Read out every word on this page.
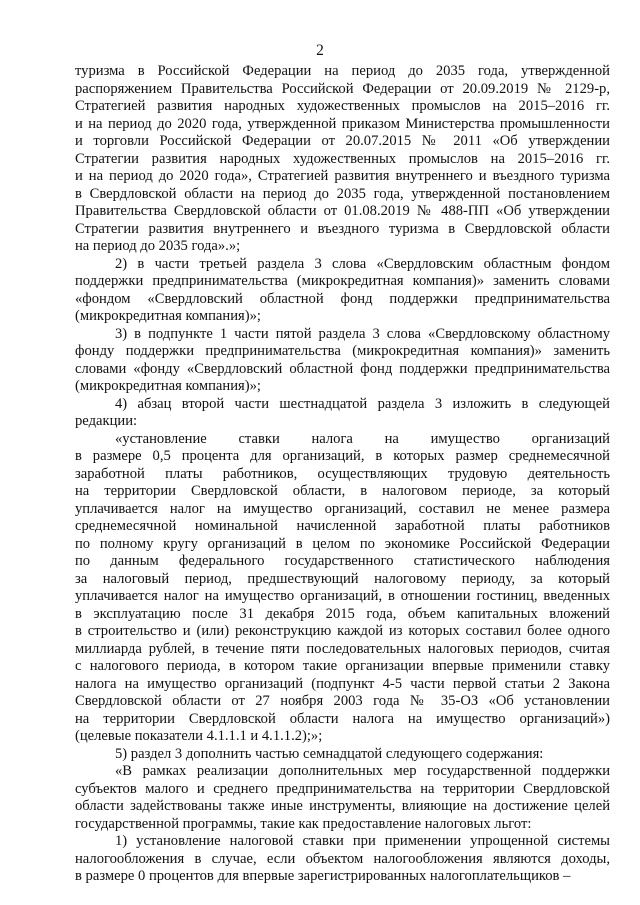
2
туризма в Российской Федерации на период до 2035 года, утвержденной
распоряжением Правительства Российской Федерации от 20.09.2019 № 2129-р,
Стратегией развития народных художественных промыслов на 2015–2016 гг.
и на период до 2020 года, утвержденной приказом Министерства промышленности
и торговли Российской Федерации от 20.07.2015 № 2011 «Об утверждении
Стратегии развития народных художественных промыслов на 2015–2016 гг.
и на период до 2020 года», Стратегией развития внутреннего и въездного туризма
в Свердловской области на период до 2035 года, утвержденной постановлением
Правительства Свердловской области от 01.08.2019 № 488-ПП «Об утверждении
Стратегии развития внутреннего и въездного туризма в Свердловской области
на период до 2035 года».»;
2) в части третьей раздела 3 слова «Свердловским областным фондом
поддержки предпринимательства (микрокредитная компания)» заменить словами
«фондом «Свердловский областной фонд поддержки предпринимательства
(микрокредитная компания)»;
3) в подпункте 1 части пятой раздела 3 слова «Свердловскому областному
фонду поддержки предпринимательства (микрокредитная компания)» заменить
словами «фонду «Свердловский областной фонд поддержки предпринимательства
(микрокредитная компания)»;
4) абзац второй части шестнадцатой раздела 3 изложить в следующей
редакции:
«установление ставки налога на имущество организаций
в размере 0,5 процента для организаций, в которых размер среднемесячной
заработной платы работников, осуществляющих трудовую деятельность
на территории Свердловской области, в налоговом периоде, за который
уплачивается налог на имущество организаций, составил не менее размера
среднемесячной номинальной начисленной заработной платы работников
по полному кругу организаций в целом по экономике Российской Федерации
по данным федерального государственного статистического наблюдения
за налоговый период, предшествующий налоговому периоду, за который
уплачивается налог на имущество организаций, в отношении гостиниц, введенных
в эксплуатацию после 31 декабря 2015 года, объем капитальных вложений
в строительство и (или) реконструкцию каждой из которых составил более одного
миллиарда рублей, в течение пяти последовательных налоговых периодов, считая
с налогового периода, в котором такие организации впервые применили ставку
налога на имущество организаций (подпункт 4-5 части первой статьи 2 Закона
Свердловской области от 27 ноября 2003 года № 35-ОЗ «Об установлении
на территории Свердловской области налога на имущество организаций»)
(целевые показатели 4.1.1.1 и 4.1.1.2);»;
5) раздел 3 дополнить частью семнадцатой следующего содержания:
«В рамках реализации дополнительных мер государственной поддержки
субъектов малого и среднего предпринимательства на территории Свердловской
области задействованы также иные инструменты, влияющие на достижение целей
государственной программы, такие как предоставление налоговых льгот:
1) установление налоговой ставки при применении упрощенной системы
налогообложения в случае, если объектом налогообложения являются доходы,
в размере 0 процентов для впервые зарегистрированных налогоплательщиков –
